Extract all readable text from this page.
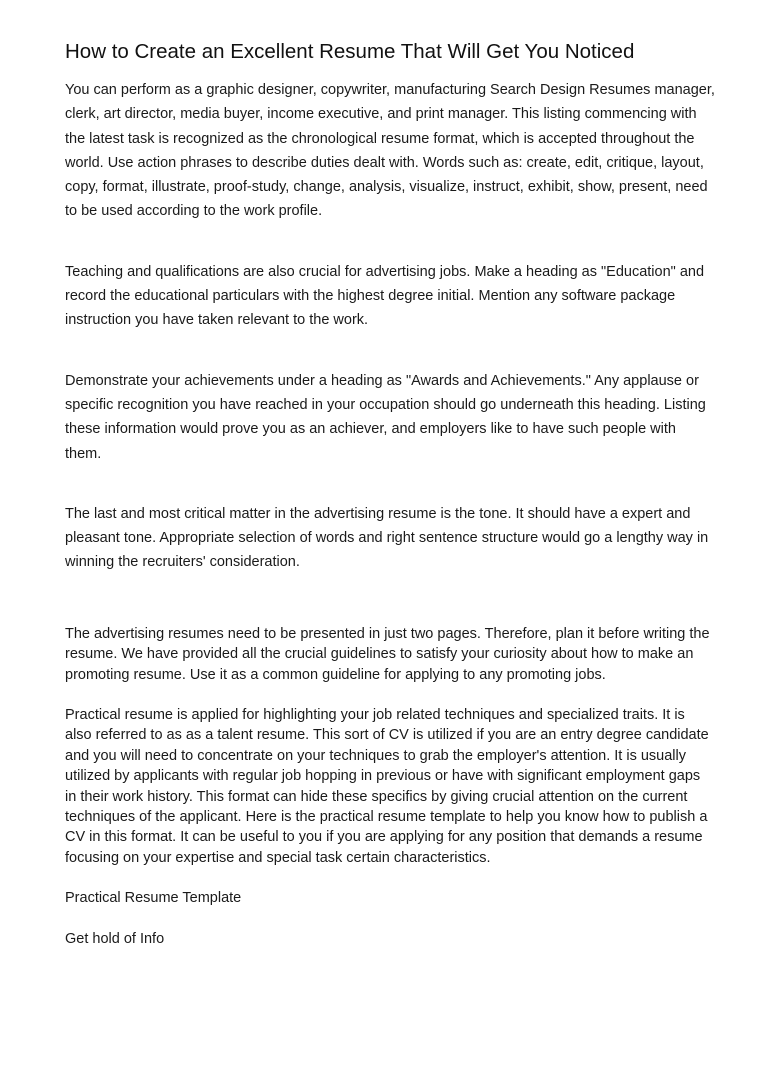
How to Create an Excellent Resume That Will Get You Noticed

You can perform as a graphic designer, copywriter, manufacturing Search Design Resumes manager, clerk, art director, media buyer, income executive, and print manager. This listing commencing with the latest task is recognized as the chronological resume format, which is accepted throughout the world. Use action phrases to describe duties dealt with. Words such as: create, edit, critique, layout, copy, format, illustrate, proof-study, change, analysis, visualize, instruct, exhibit, show, present, need to be used according to the work profile.

Teaching and qualifications are also crucial for advertising jobs. Make a heading as "Education" and record the educational particulars with the highest degree initial. Mention any software package instruction you have taken relevant to the work.

Demonstrate your achievements under a heading as "Awards and Achievements." Any applause or specific recognition you have reached in your occupation should go underneath this heading. Listing these information would prove you as an achiever, and employers like to have such people with them.

The last and most critical matter in the advertising resume is the tone. It should have a expert and pleasant tone. Appropriate selection of words and right sentence structure would go a lengthy way in winning the recruiters' consideration.

The advertising resumes need to be presented in just two pages. Therefore, plan it before writing the resume. We have provided all the crucial guidelines to satisfy your curiosity about how to make an promoting resume. Use it as a common guideline for applying to any promoting jobs.

Practical resume is applied for highlighting your job related techniques and specialized traits. It is also referred to as as a talent resume. This sort of CV is utilized if you are an entry degree candidate and you will need to concentrate on your techniques to grab the employer's attention. It is usually utilized by applicants with regular job hopping in previous or have with significant employment gaps in their work history. This format can hide these specifics by giving crucial attention on the current techniques of the applicant. Here is the practical resume template to help you know how to publish a CV in this format. It can be useful to you if you are applying for any position that demands a resume focusing on your expertise and special task certain characteristics.

Practical Resume Template

Get hold of Info
